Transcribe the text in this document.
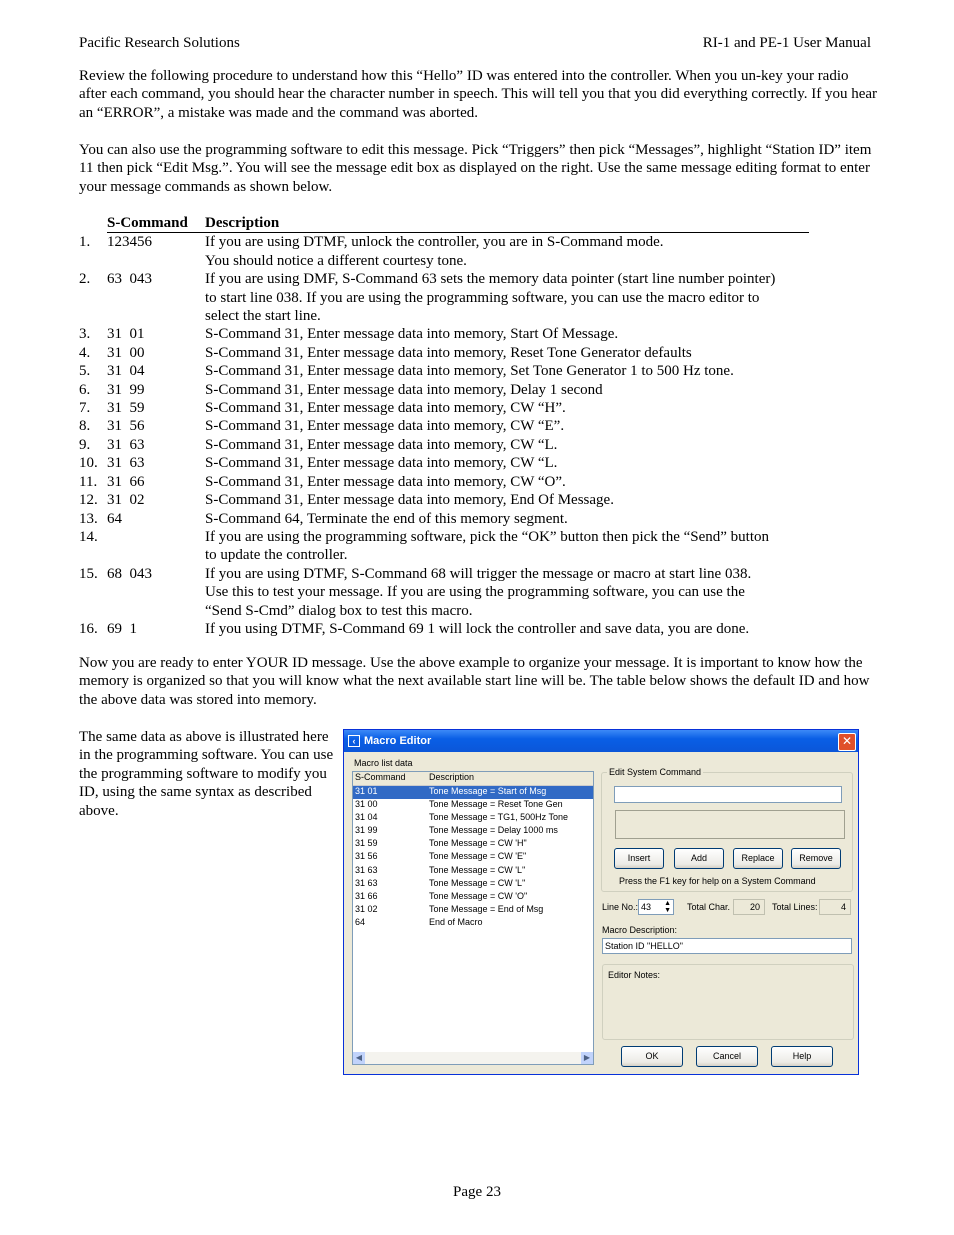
Pacific Research Solutions	RI-1 and PE-1 User Manual
Review the following procedure to understand how this “Hello” ID was entered into the controller. When you un-key your radio after each command, you should hear the character number in speech. This will tell you that you did everything correctly. If you hear an “ERROR”, a mistake was made and the command was aborted.
You can also use the programming software to edit this message. Pick “Triggers” then pick “Messages”, highlight “Station ID” item 11 then pick “Edit Msg.”. You will see the message edit box as displayed on the right. Use the same message editing format to enter your message commands as shown below.
S-Command	Description
1.	123456	If you are using DTMF, unlock the controller, you are in S-Command mode.
You should notice a different courtesy tone.
2.	63  043	If you are using DMF, S-Command 63 sets the memory data pointer (start line number pointer)
to start line 038. If you are using the programming software, you can use the macro editor to
select the start line.
3.	31  01	S-Command 31, Enter message data into memory, Start Of Message.
4.	31  00	S-Command 31, Enter message data into memory, Reset Tone Generator defaults
5.	31  04	S-Command 31, Enter message data into memory, Set Tone Generator 1 to 500 Hz tone.
6.	31  99	S-Command 31, Enter message data into memory, Delay 1 second
7.	31  59	S-Command 31, Enter message data into memory, CW “H”.
8.	31  56	S-Command 31, Enter message data into memory, CW “E”.
9.	31  63	S-Command 31, Enter message data into memory, CW “L.
10. 31  63	S-Command 31, Enter message data into memory, CW “L.
11. 31  66	S-Command 31, Enter message data into memory, CW “O”.
12. 31  02	S-Command 31, Enter message data into memory, End Of Message.
13. 64	S-Command 64, Terminate the end of this memory segment.
14.	If you are using the programming software, pick the “OK” button then pick the “Send” button
to update the controller.
15. 68  043	If you are using DTMF, S-Command 68 will trigger the message or macro at start line 038.
Use this to test your message. If you are using the programming software, you can use the
“Send S-Cmd” dialog box to test this macro.
16. 69  1	If you using DTMF, S-Command 69 1 will lock the controller and save data, you are done.
Now you are ready to enter YOUR ID message. Use the above example to organize your message. It is important to know how the memory is organized so that you will know what the next available start line will be. The table below shows the default ID and how the above data was stored into memory.
The same data as above is illustrated here in the programming software. You can use the programming software to modify you ID, using the same syntax as described above.
‹ Macro Editor	✕
Macro list data
S-Command	Description
31 01	Tone Message = Start of Msg
31 00	Tone Message = Reset Tone Gen
31 04	Tone Message = TG1, 500Hz Tone
31 99	Tone Message = Delay 1000 ms
31 59	Tone Message = CW 'H"
31 56	Tone Message = CW 'E"
31 63	Tone Message = CW 'L''
31 63	Tone Message = CW 'L''
31 66	Tone Message = CW 'O"
31 02	Tone Message = End of Msg
64	End of Macro
◀	▶
Edit System Command
Insert	Add	Replace	Remove
Press the F1 key for help on a System Command
Line No.: 43 ▲
▼ Total Char.	20	Total Lines:	4
Macro Description:
Station ID "HELLO"
Editor Notes:
OK	Cancel	Help
Page 23
